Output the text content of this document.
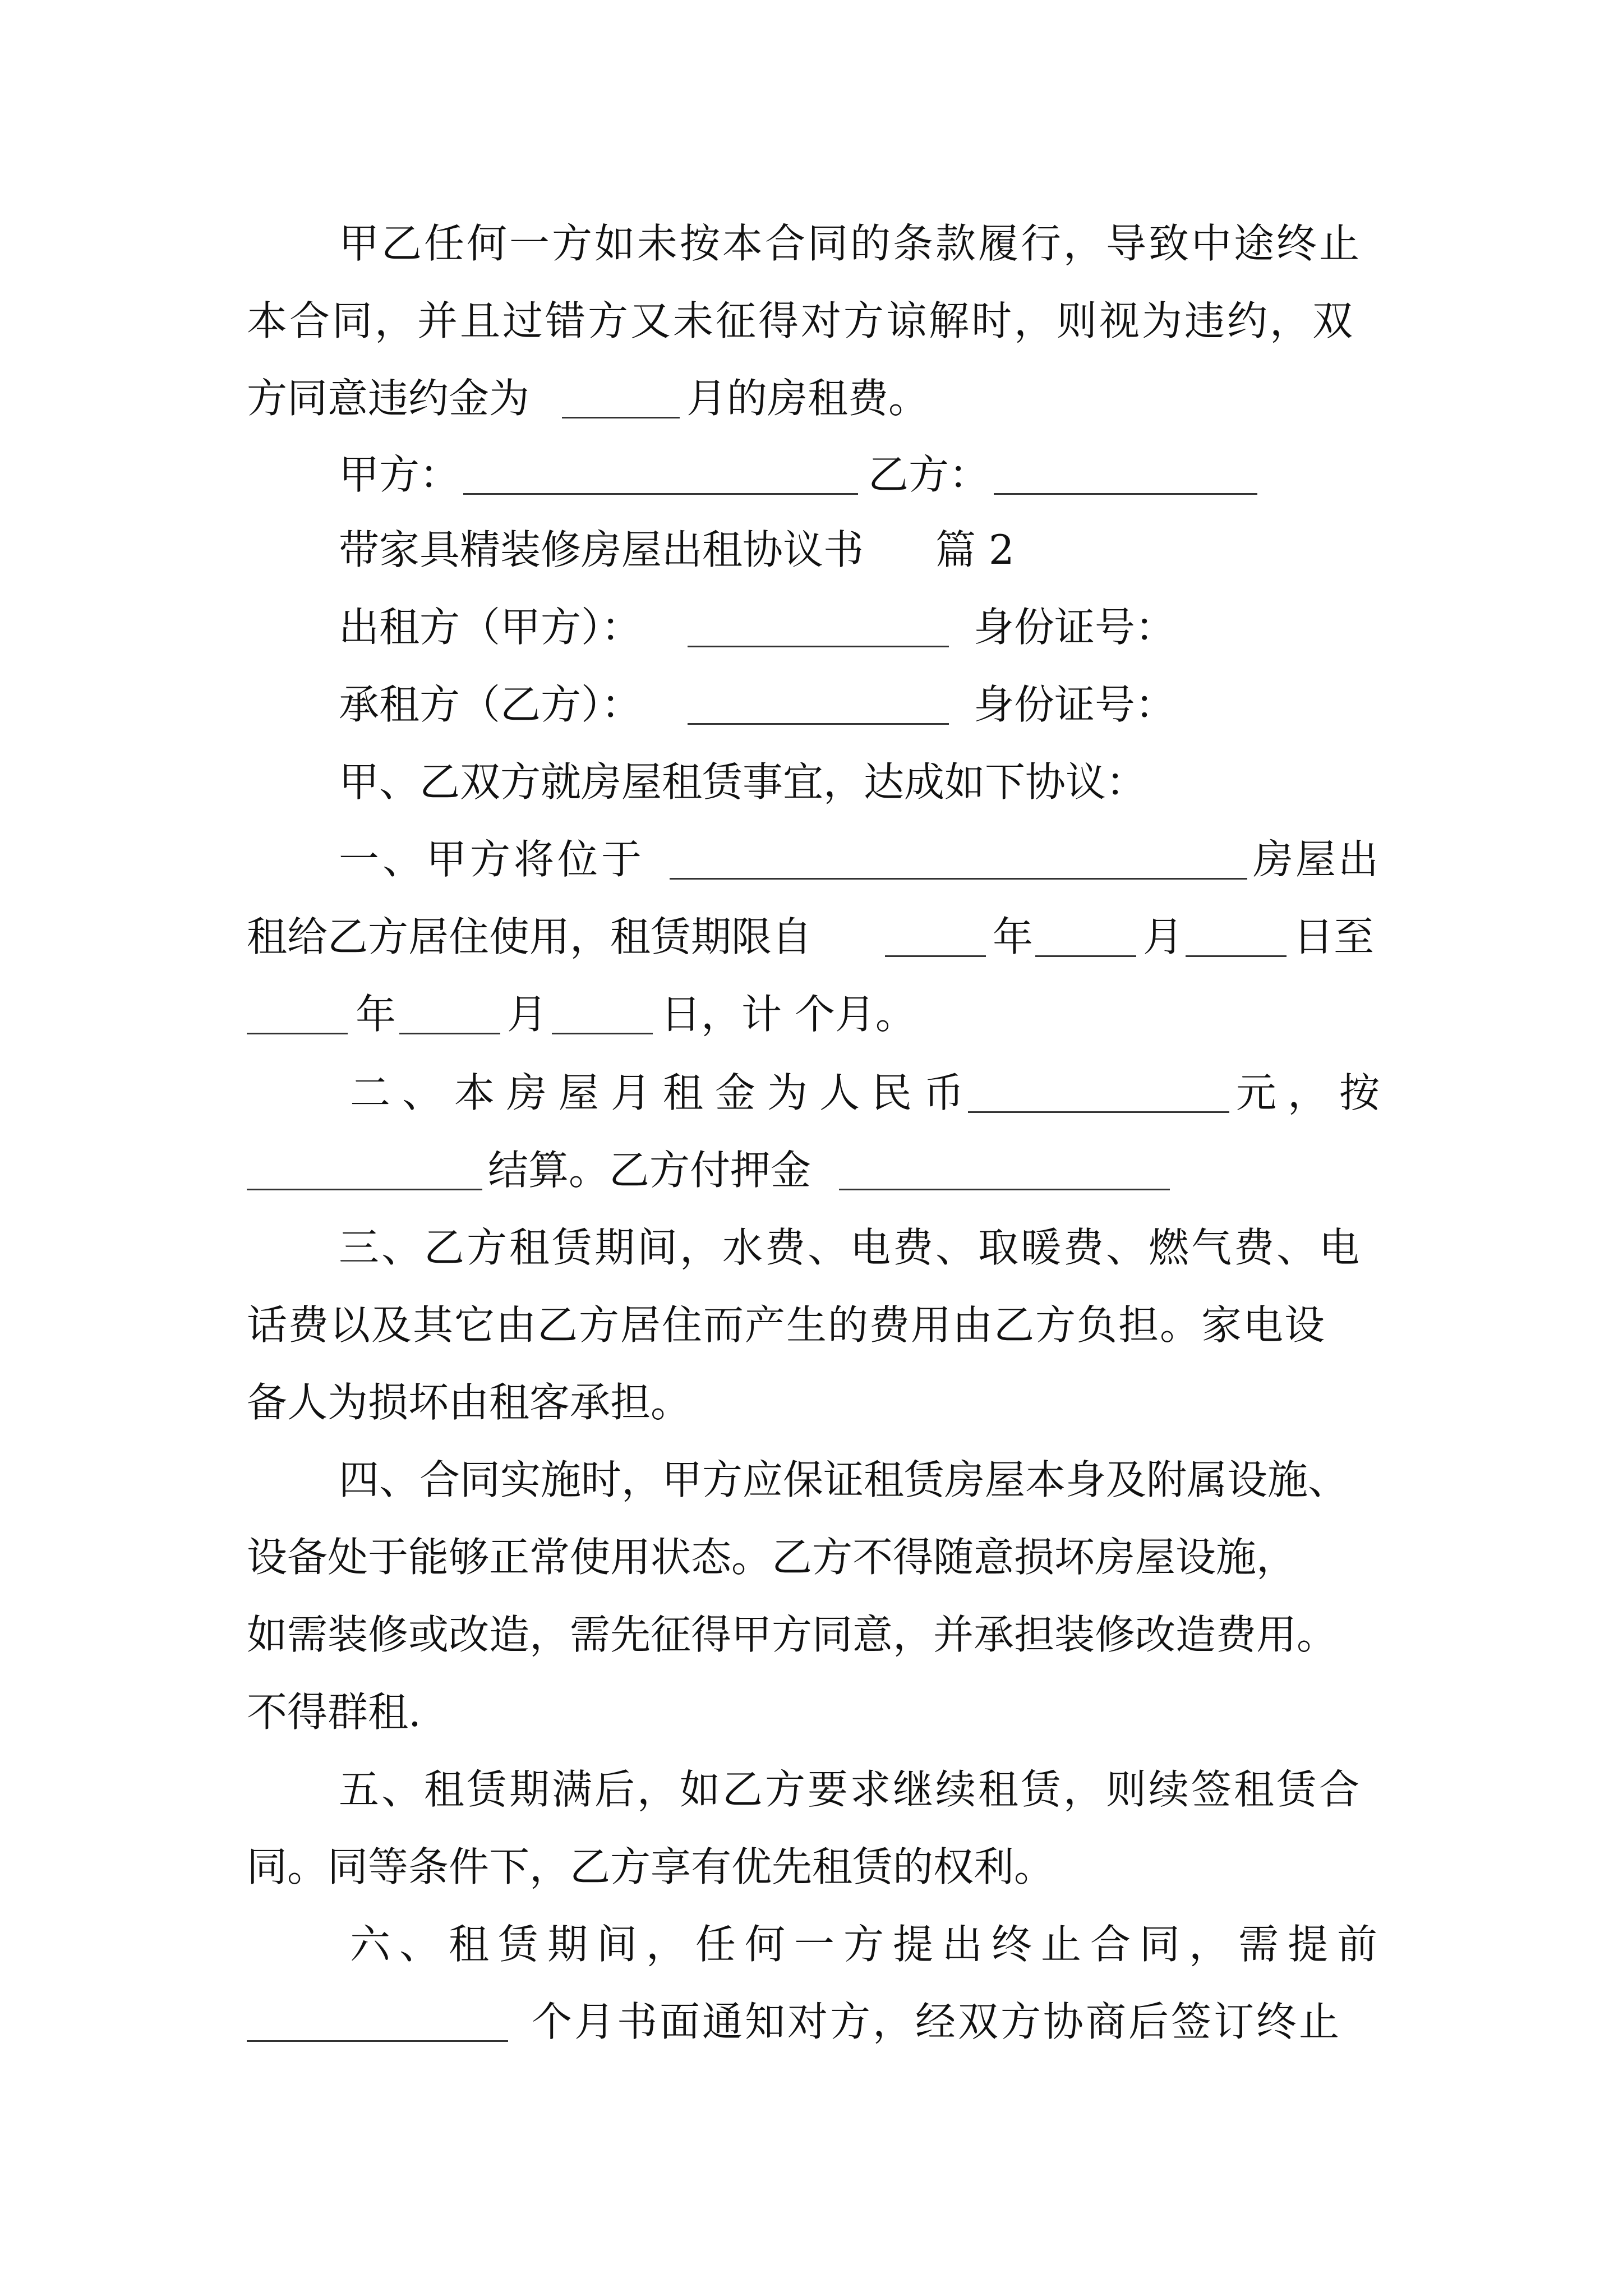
甲乙任何一方如未按本合同的条款履行，导致中途终止
本合同，并且过错方又未征得对方谅解时，则视为违约，双
方同意违约金为	月的房租费。
甲方：	乙方：
带家具精装修房屋出租协议书 篇 2
出租方（甲方）：	身份证号：
承租方（乙方）：	身份证号：
甲、乙双方就房屋租赁事宜，达成如下协议：
一、甲方将位于	房屋出
租给乙方居住使用，租赁期限自	年	月	日至
年	月	日，计 个月。
二、本房屋月租金为人民币	元，按
结算。乙方付押金
三、乙方租赁期间，水费、电费、取暖费、燃气费、电
话费以及其它由乙方居住而产生的费用由乙方负担。家电设
备人为损坏由租客承担。
四、合同实施时，甲方应保证租赁房屋本身及附属设施、
设备处于能够正常使用状态。乙方不得随意损坏房屋设施，
如需装修或改造，需先征得甲方同意，并承担装修改造费用。
不得群租.
五、租赁期满后，如乙方要求继续租赁，则续签租赁合
同。同等条件下，乙方享有优先租赁的权利。
六、租赁期间，任何一方提出终止合同，需提前
个月书面通知对方，经双方协商后签订终止
